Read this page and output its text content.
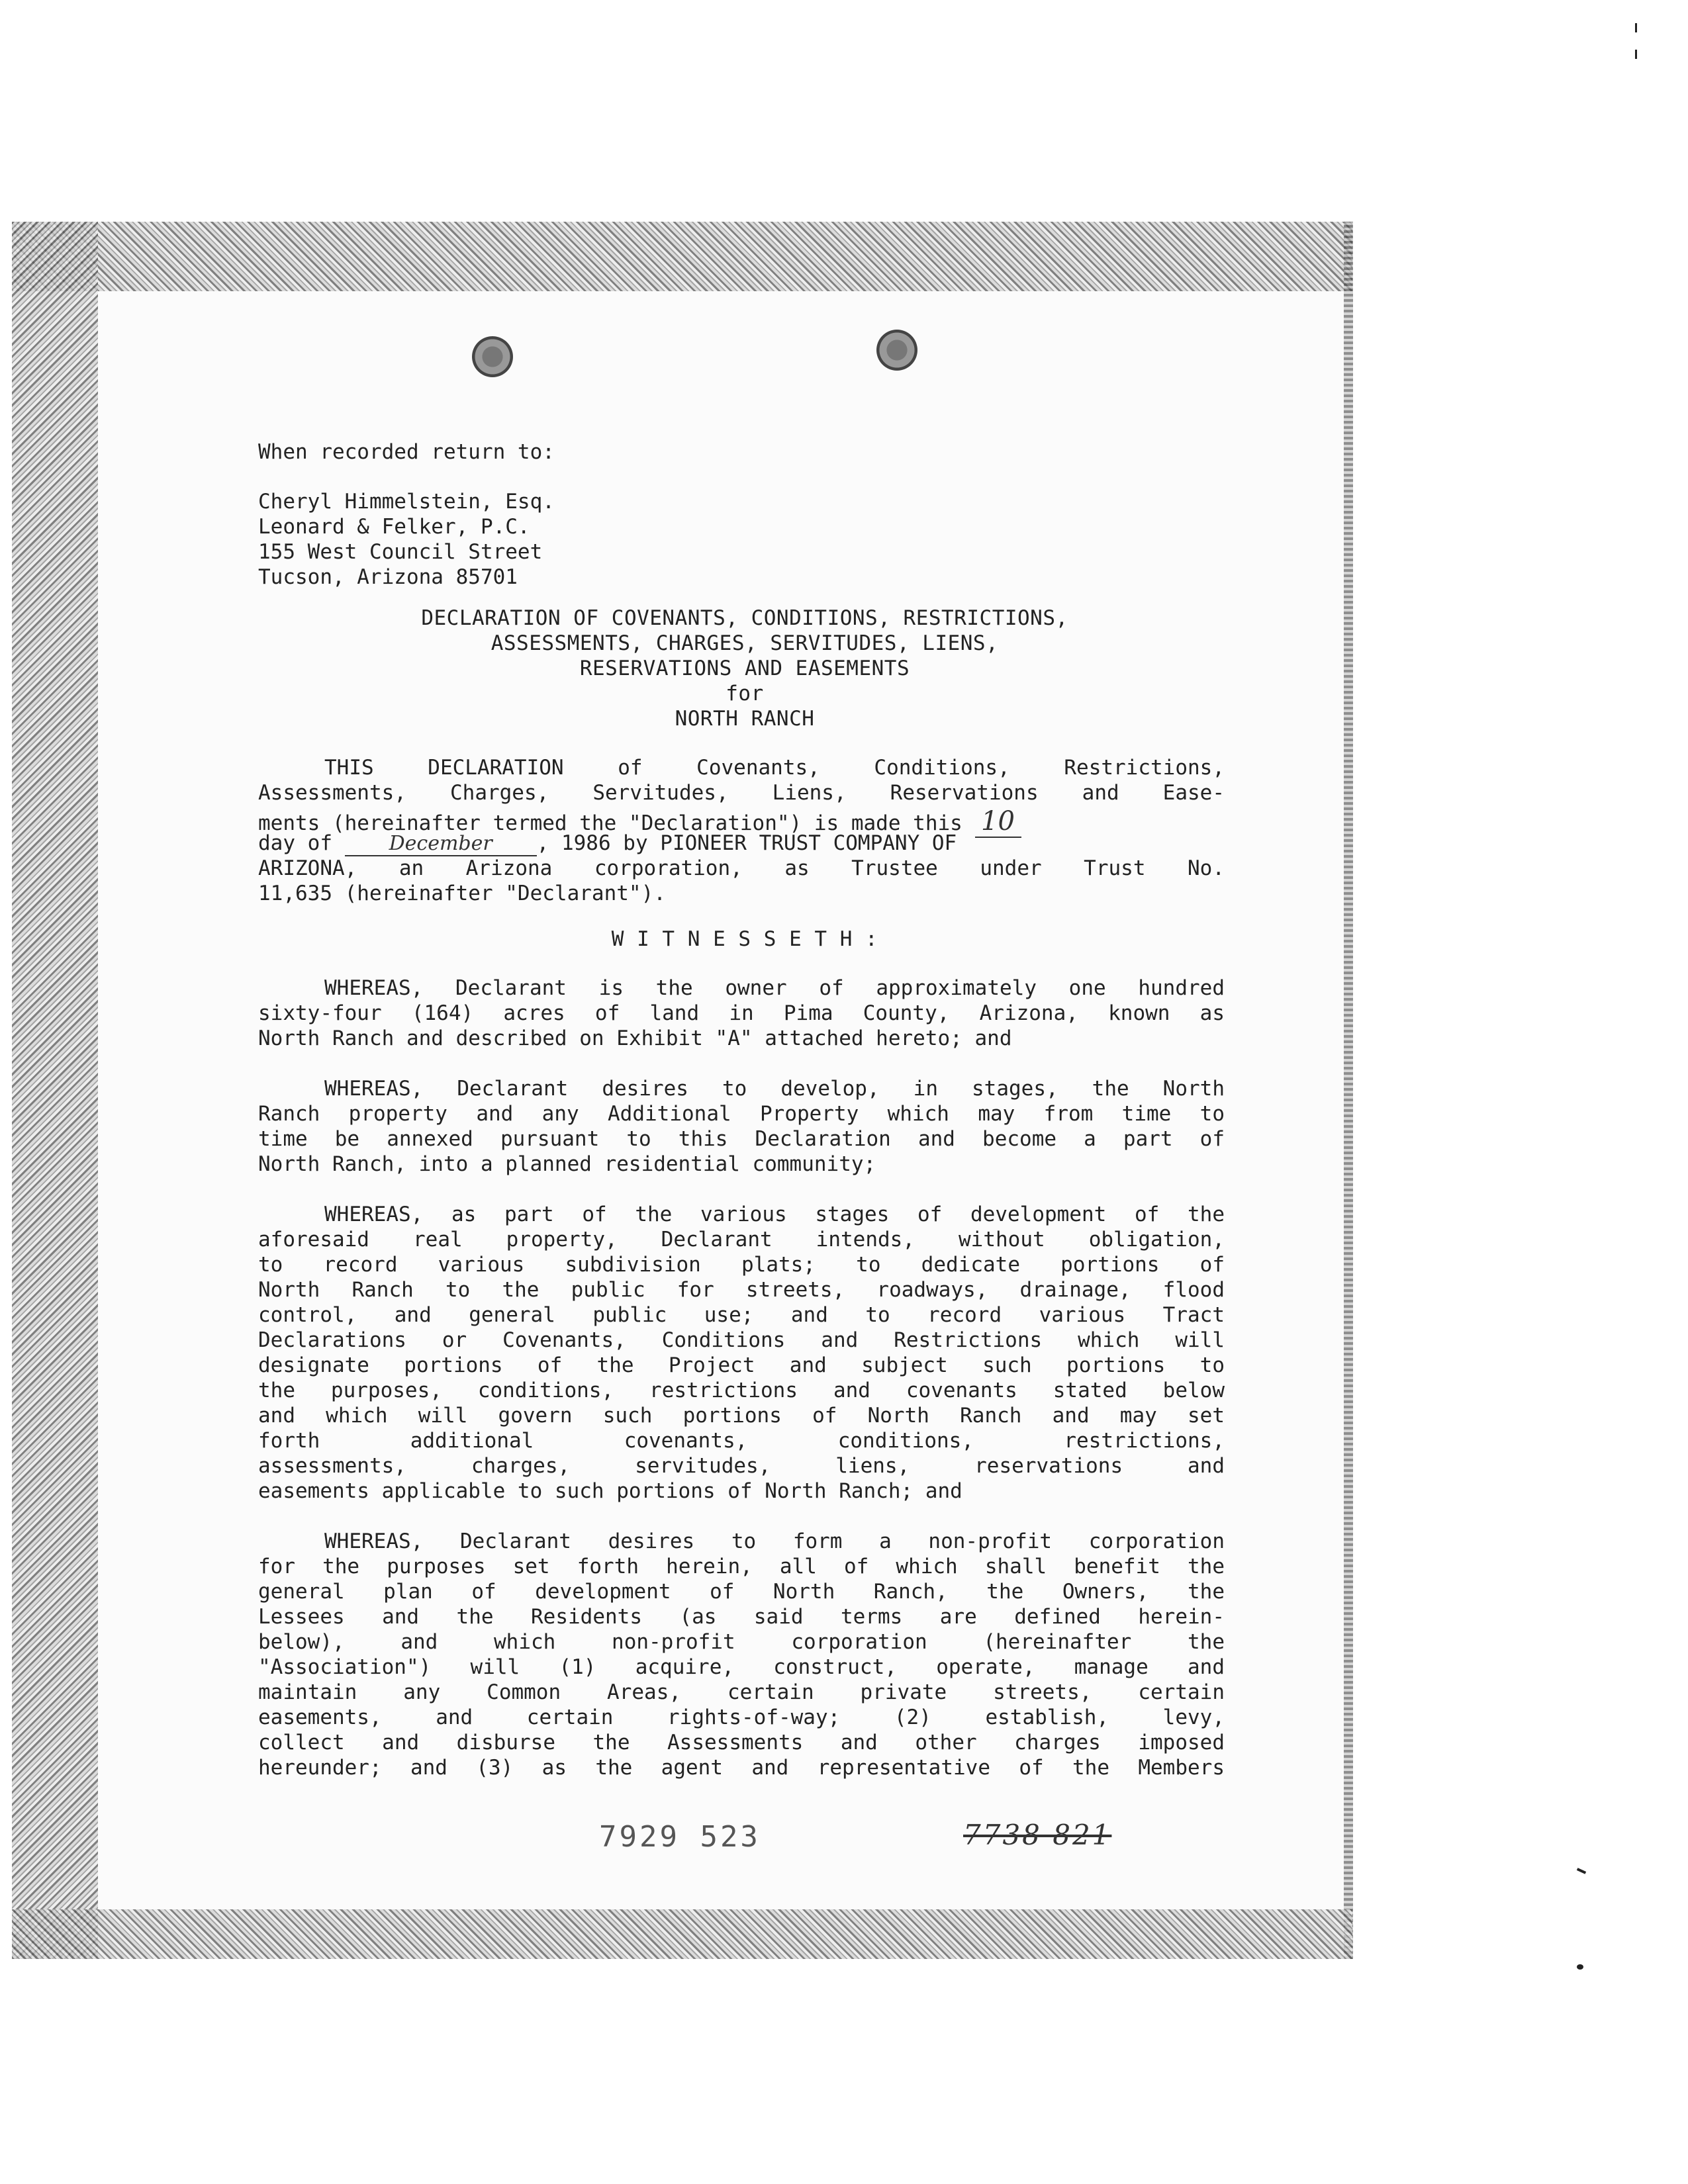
When recorded return to:
Cheryl Himmelstein, Esq.
Leonard & Felker, P.C.
155 West Council Street
Tucson, Arizona 85701
DECLARATION OF COVENANTS, CONDITIONS, RESTRICTIONS,
ASSESSMENTS, CHARGES, SERVITUDES, LIENS,
RESERVATIONS AND EASEMENTS
for
NORTH RANCH
THIS DECLARATION of Covenants, Conditions, Restrictions,
Assessments, Charges, Servitudes, Liens, Reservations and Ease-
ments (hereinafter termed the "Declaration") is made this 10
day of	December , 1986 by PIONEER TRUST COMPANY OF
ARIZONA, an Arizona corporation, as Trustee under Trust No.
11,635 (hereinafter "Declarant").
W I T N E S S E T H :
WHEREAS, Declarant is the owner of approximately one hundred
sixty-four (164) acres of land in Pima County, Arizona, known as
North Ranch and described on Exhibit "A" attached hereto; and
WHEREAS, Declarant desires to develop, in stages, the North
Ranch property and any Additional Property which may from time to
time be annexed pursuant to this Declaration and become a part of
North Ranch, into a planned residential community;
WHEREAS, as part of the various stages of development of the
aforesaid real property, Declarant intends, without obligation,
to record various subdivision plats; to dedicate portions of
North Ranch to the public for streets, roadways, drainage, flood
control, and general public use; and to record various Tract
Declarations or Covenants, Conditions and Restrictions which will
designate portions of the Project and subject such portions to
the purposes, conditions, restrictions and covenants stated below
and which will govern such portions of North Ranch and may set
forth additional covenants, conditions, restrictions,
assessments, charges, servitudes, liens, reservations and
easements applicable to such portions of North Ranch; and
WHEREAS, Declarant desires to form a non-profit corporation
for the purposes set forth herein, all of which shall benefit the
general plan of development of North Ranch, the Owners, the
Lessees and the Residents (as said terms are defined herein-
below), and which non-profit corporation (hereinafter the
"Association") will (1) acquire, construct, operate, manage and
maintain any Common Areas, certain private streets, certain
easements, and certain rights-of-way; (2) establish, levy,
collect and disburse the Assessments and other charges imposed
hereunder; and (3) as the agent and representative of the Members
7929 523	7738 821
